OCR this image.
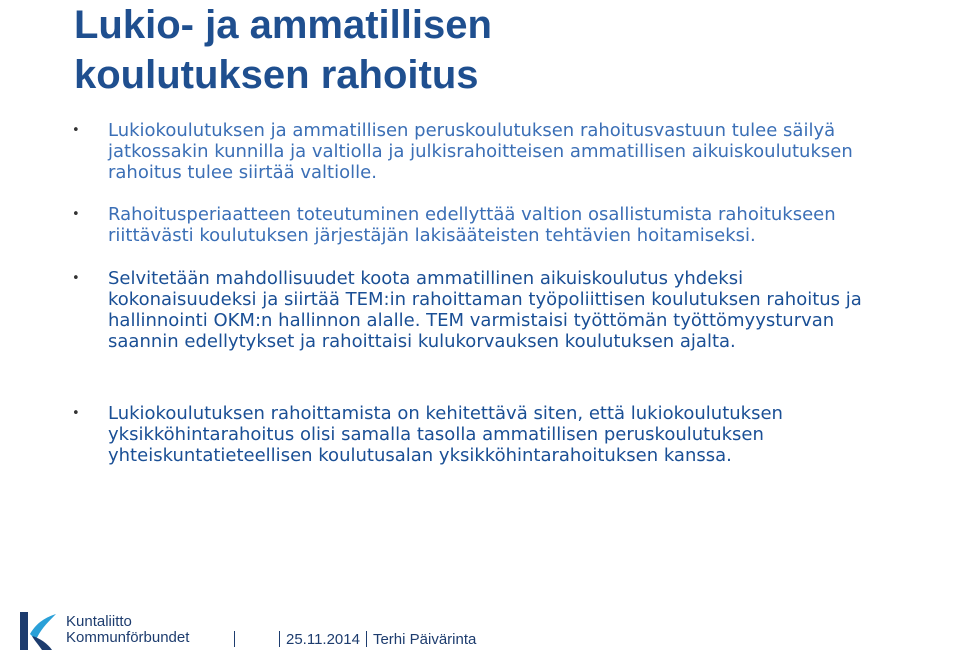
Lukio- ja ammatillisen
koulutuksen rahoitus
• Lukiokoulutuksen ja ammatillisen peruskoulutuksen rahoitusvastuun tulee säilyä jatkossakin kunnilla ja valtiolla ja julkisrahoitteisen ammatillisen aikuiskoulutuksen rahoitus tulee siirtää valtiolle.
• Rahoitusperiaatteen toteutuminen edellyttää valtion osallistumista rahoitukseen riittävästi koulutuksen järjestäjän lakisääteisten tehtävien hoitamiseksi.
• Selvitetään mahdollisuudet koota ammatillinen aikuiskoulutus yhdeksi kokonaisuudeksi ja siirtää TEM:in rahoittaman työpoliittisen koulutuksen rahoitus ja hallinnointi OKM:n hallinnon alalle. TEM varmistaisi työttömän työttömyysturvan saannin edellytykset ja rahoittaisi kulukorvauksen koulutuksen ajalta.
• Lukiokoulutuksen rahoittamista on kehitettävä siten, että lukiokoulutuksen yksikköhintarahoitus olisi samalla tasolla ammatillisen peruskoulutuksen yhteiskuntatieteellisen koulutusalan yksikköhintarahoituksen kanssa.
Kuntaliitto
Kommunförbundet	25.11.2014 Terhi Päivärinta
